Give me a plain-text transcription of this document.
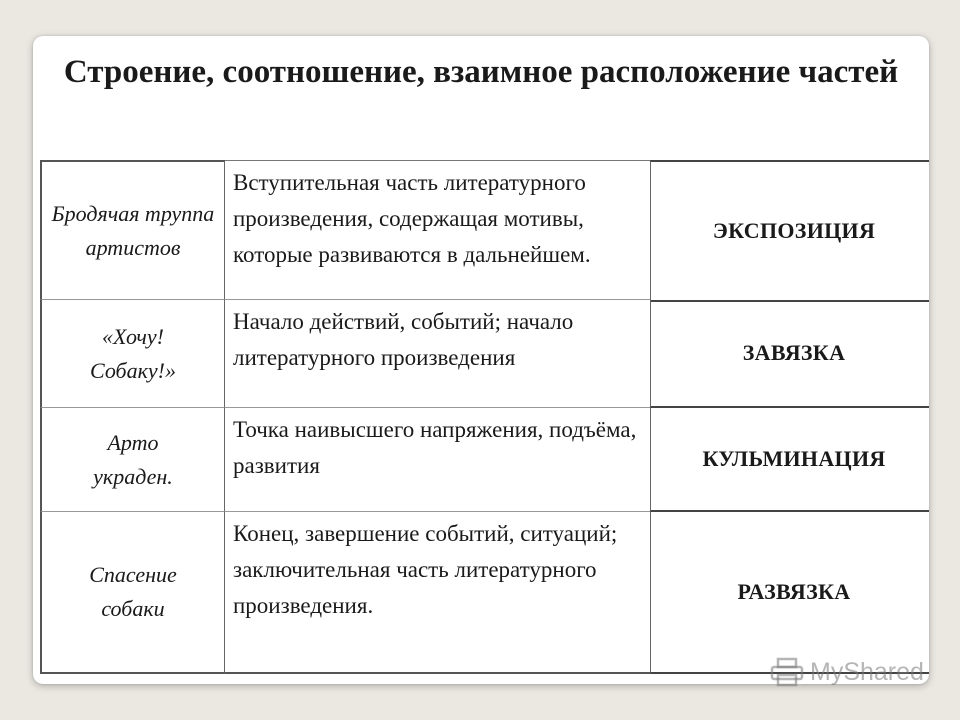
Строение, соотношение, взаимное расположение частей
Бродячая труппа артистов
Вступительная часть литературного произведения, содержащая мотивы, которые развиваются в дальнейшем.
ЭКСПОЗИЦИЯ
«Хочу! Собаку!»
Начало действий, событий; начало литературного произведения	ЗАВЯЗКА
Арто украден.
Точка наивысшего напряжения, подъёма, развития	КУЛЬМИНАЦИЯ
Спасение собаки
Конец, завершение событий, ситуаций; заключительная часть литературного произведения.
РАЗВЯЗКА
MyShared
